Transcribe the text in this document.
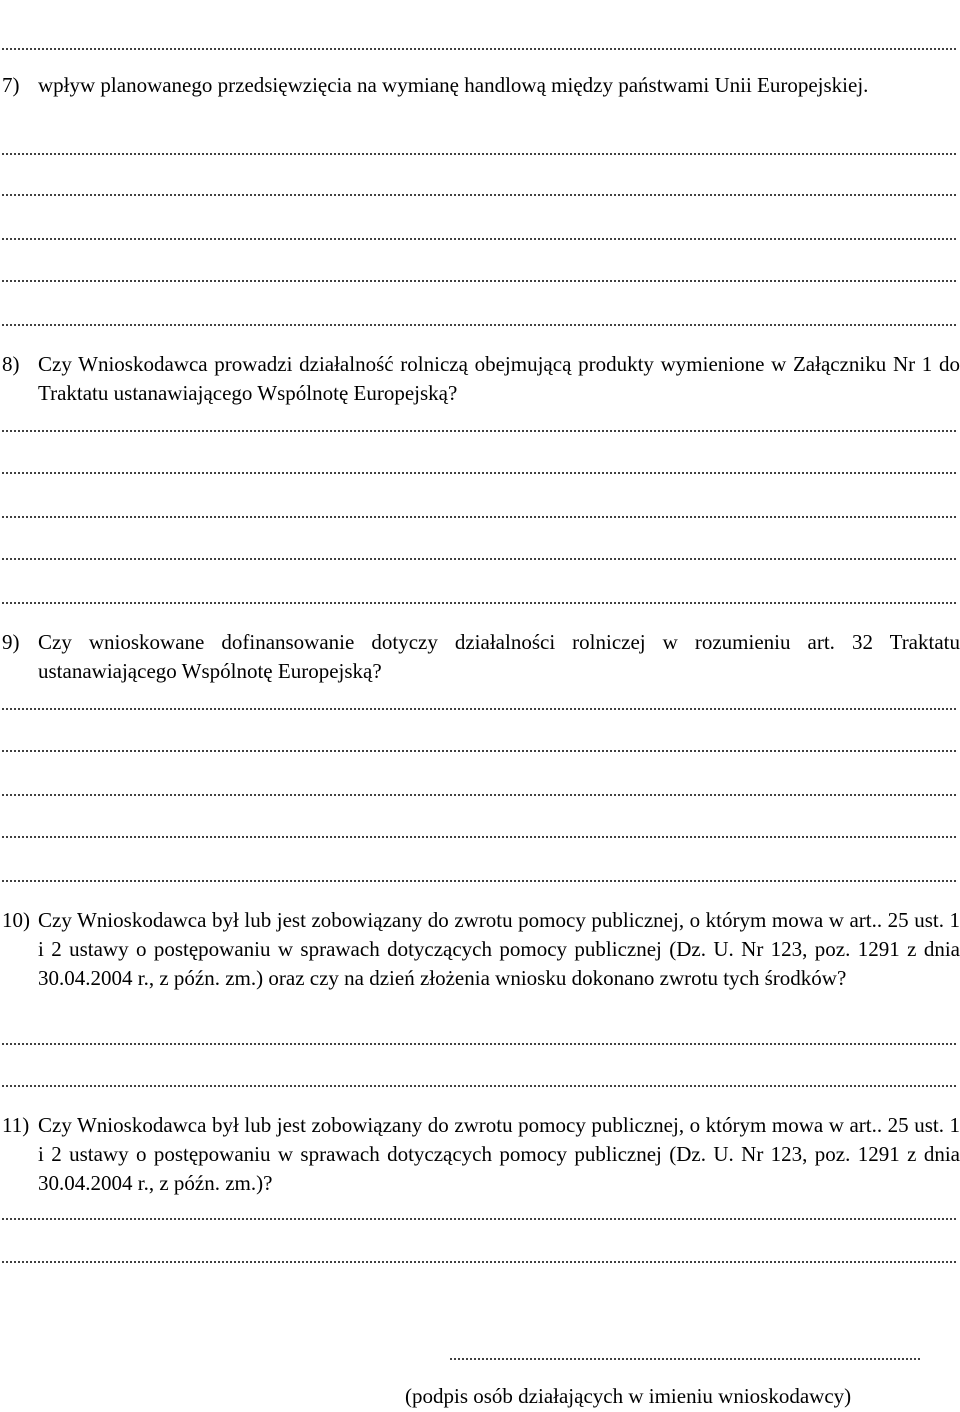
7) wpływ planowanego przedsięwzięcia na wymianę handlową między państwami Unii Europejskiej.
8) Czy Wnioskodawca prowadzi działalność rolniczą obejmującą produkty wymienione w Załączniku Nr 1 do Traktatu ustanawiającego Wspólnotę Europejską?
9) Czy wnioskowane dofinansowanie dotyczy działalności rolniczej w rozumieniu art. 32 Traktatu ustanawiającego Wspólnotę Europejską?
10) Czy Wnioskodawca był lub jest zobowiązany do zwrotu pomocy publicznej, o którym mowa w art.. 25 ust. 1 i 2 ustawy o postępowaniu w sprawach dotyczących pomocy publicznej (Dz. U. Nr 123, poz. 1291 z dnia 30.04.2004 r., z późn. zm.) oraz czy na dzień złożenia wniosku dokonano zwrotu tych środków?
11) Czy Wnioskodawca był lub jest zobowiązany do zwrotu pomocy publicznej, o którym mowa w art.. 25 ust. 1 i 2 ustawy o postępowaniu w sprawach dotyczących pomocy publicznej (Dz. U. Nr 123, poz. 1291 z dnia 30.04.2004 r., z późn. zm.)?
(podpis osób działających w imieniu wnioskodawcy)
